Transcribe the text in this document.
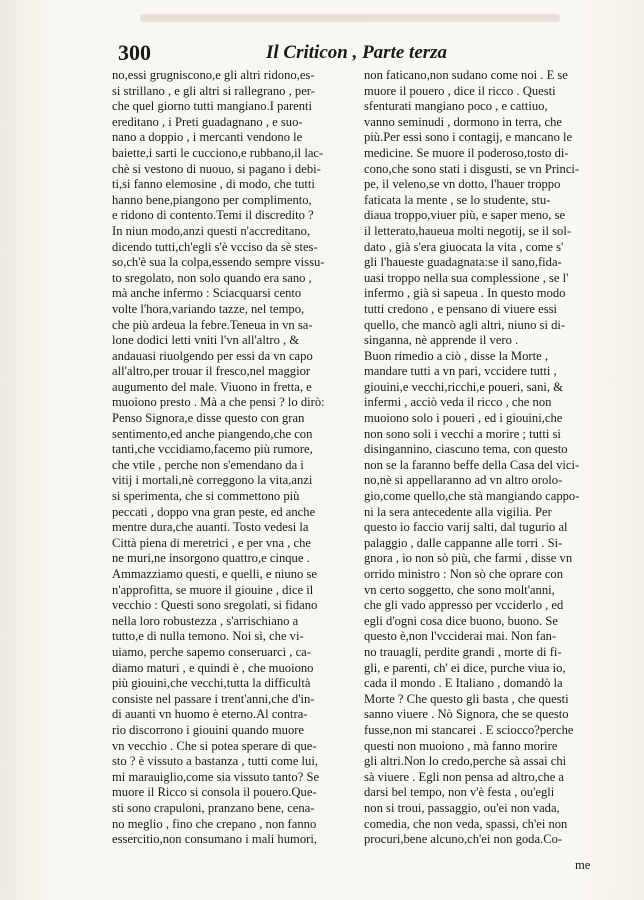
300	Il Criticon , Parte terza
no,essi grugniscono,e gli altri ridono,es-
si strillano , e gli altri si rallegrano , per-
che quel giorno tutti mangiano.I parenti
ereditano , i Preti guadagnano , e suo-
nano a doppio , i mercanti vendono le
baiette,i sarti le cucciono,e rubbano,il lac-
chè si vestono di nuouo, si pagano i debi-
ti,si fanno elemosine , di modo, che tutti
hanno bene,piangono per complimento,
e ridono di contento.Temi il discredito ?
In niun modo,anzi questi n'accreditano,
dicendo tutti,ch'egli s'è vcciso da sè stes-
so,ch'è sua la colpa,essendo sempre vissu-
to sregolato, non solo quando era sano ,
mà anche infermo : Sciacquarsi cento
volte l'hora,variando tazze, nel tempo,
che più ardeua la febre.Teneua in vn sa-
lone dodici letti vniti l'vn all'altro , &
andauasi riuolgendo per essi da vn capo
all'altro,per trouar il fresco,nel maggior
augumento del male. Viuono in fretta, e
muoiono presto . Mà a che pensi ? lo dirò:
Penso Signora,e disse questo con gran
sentimento,ed anche piangendo,che con
tanti,che vccidiamo,facemo più rumore,
che vtile , perche non s'emendano da i
vitij i mortali,nè correggono la vita,anzi
si sperimenta, che si commettono più
peccati , doppo vna gran peste, ed anche
mentre dura,che auanti. Tosto vedesi la
Città piena di meretrici , e per vna , che
ne muri,ne insorgono quattro,e cinque .
Ammazziamo questi, e quelli, e niuno se
n'approfitta, se muore il giouine , dice il
vecchio : Questi sono sregolati, si fidano
nella loro robustezza , s'arrischiano a
tutto,e di nulla temono. Noi sì, che vi-
uiamo, perche sapemo conseruarci , ca-
diamo maturi , e quindi è , che muoiono
più giouini,che vecchi,tutta la difficultà
consiste nel passare i trent'anni,che d'in-
di auanti vn huomo è eterno.Al contra-
rio discorrono i giouini quando muore
vn vecchio . Che si potea sperare di que-
sto ? è vissuto a bastanza , tutti come lui,
mi marauiglio,come sia vissuto tanto? Se
muore il Ricco si consola il pouero.Que-
sti sono crapuloni, pranzano bene, cena-
no meglio , fino che crepano , non fanno
essercitio,non consumano i mali humori,
non faticano,non sudano come noi . E se
muore il pouero , dice il ricco . Questi
sfenturati mangiano poco , e cattiuo,
vanno seminudi , dormono in terra, che
più.Per essi sono i contagij, e mancano le
medicine. Se muore il poderoso,tosto di-
cono,che sono stati i disgusti, se vn Princi-
pe, il veleno,se vn dotto, l'hauer troppo
faticata la mente , se lo studente, stu-
diaua troppo,viuer più, e saper meno, se
il letterato,haueua molti negotij, se il sol-
dato , già s'era giuocata la vita , come s'
gli l'haueste guadagnata:se il sano,fida-
uasi troppo nella sua complessione , se l'
infermo , già si sapeua . In questo modo
tutti credono , e pensano di viuere essi
quello, che mancò agli altri, niuno si di-
singanna, nè apprende il vero .
Buon rimedio a ciò , disse la Morte ,
mandare tutti a vn pari, vccidere tutti ,
giouini,e vecchi,ricchi,e poueri, sani, &
infermi , acciò veda il ricco , che non
muoiono solo i poueri , ed i giouini,che
non sono soli i vecchi a morire ; tutti si
disingannino, ciascuno tema, con questo
non se la faranno beffe della Casa del vici-
no,nè si appellaranno ad vn altro orolo-
gio,come quello,che stà mangiando cappo-
ni la sera antecedente alla vigilia. Per
questo io faccio varij salti, dal tugurio al
palaggio , dalle cappanne alle torri . Si-
gnora , io non sò più, che farmi , disse vn
orrido ministro : Non sò che oprare con
vn certo soggetto, che sono molt'anni,
che gli vado appresso per vcciderlo , ed
egli d'ogni cosa dice buono, buono. Se
questo è,non l'vcciderai mai. Non fan-
no trauagli, perdite grandi , morte di fi-
gli, e parenti, ch' ei dice, purche viua io,
cada il mondo . E Italiano , domandò la
Morte ? Che questo gli basta , che questi
sanno viuere . Nò Signora, che se questo
fusse,non mi stancarei . E sciocco?perche
questi non muoiono , mà fanno morire
gli altri.Non lo credo,perche sà assai chi
sà viuere . Egli non pensa ad altro,che a
darsi bel tempo, non v'è festa , ou'egli
non si troui, passaggio, ou'ei non vada,
comedia, che non veda, spassi, ch'ei non
procuri,bene alcuno,ch'ei non goda.Co-
me
